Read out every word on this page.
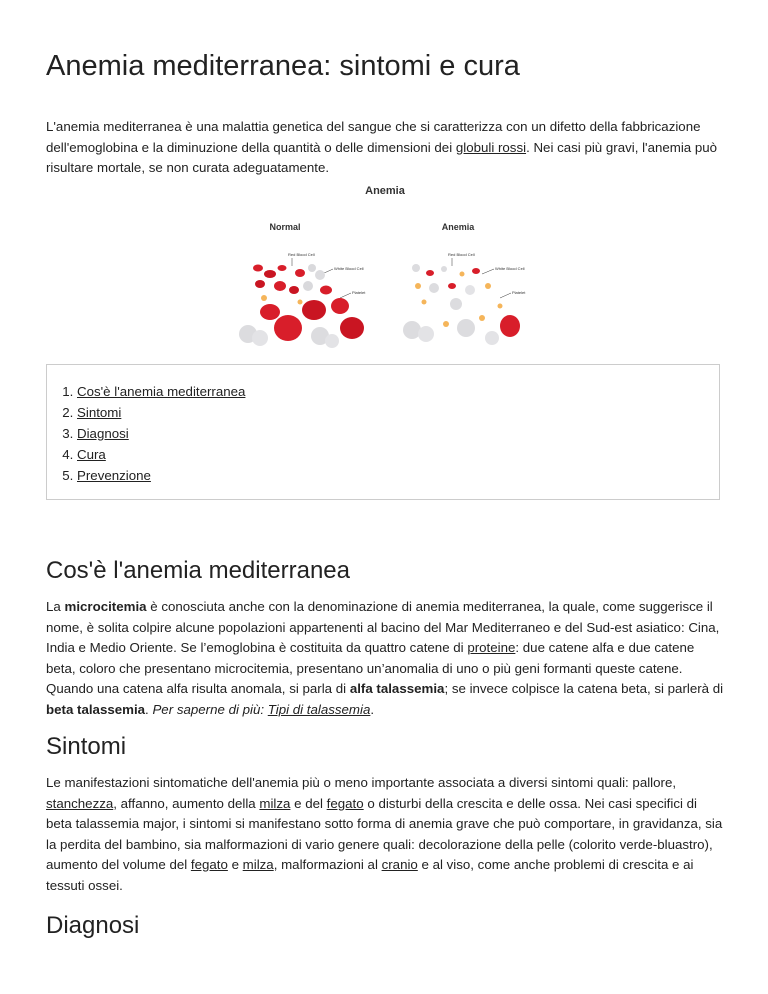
Anemia mediterranea: sintomi e cura

L'anemia mediterranea è una malattia genetica del sangue che si caratterizza con un difetto della fabbricazione dell'emoglobina e la diminuzione della quantità o delle dimensioni dei globuli rossi. Nei casi più gravi, l'anemia può risultare mortale, se non curata adeguatamente.

Anemia
Normal	Anemia
Red Blood Cell
White Blood Cell
Platelet
Red Blood Cell
White Blood Cell
Platelet
1. Cos'è l'anemia mediterranea
2. Sintomi
3. Diagnosi
4. Cura
5. Prevenzione
Cos'è l'anemia mediterranea

La microcitemia è conosciuta anche con la denominazione di anemia mediterranea, la quale, come suggerisce il nome, è solita colpire alcune popolazioni appartenenti al bacino del Mar Mediterraneo e del Sud-est asiatico: Cina, India e Medio Oriente. Se l’emoglobina è costituita da quattro catene di proteine: due catene alfa e due catene beta, coloro che presentano microcitemia, presentano un’anomalia di uno o più geni formanti queste catene. Quando una catena alfa risulta anomala, si parla di alfa talassemia; se invece colpisce la catena beta, si parlerà di beta talassemia. Per saperne di più: Tipi di talassemia.

Sintomi

Le manifestazioni sintomatiche dell'anemia più o meno importante associata a diversi sintomi quali: pallore, stanchezza, affanno, aumento della milza e del fegato o disturbi della crescita e delle ossa. Nei casi specifici di beta talassemia major, i sintomi si manifestano sotto forma di anemia grave che può comportare, in gravidanza, sia la perdita del bambino, sia malformazioni di vario genere quali: decolorazione della pelle (colorito verde-bluastro), aumento del volume del fegato e milza, malformazioni al cranio e al viso, come anche problemi di crescita e ai tessuti ossei.

Diagnosi
